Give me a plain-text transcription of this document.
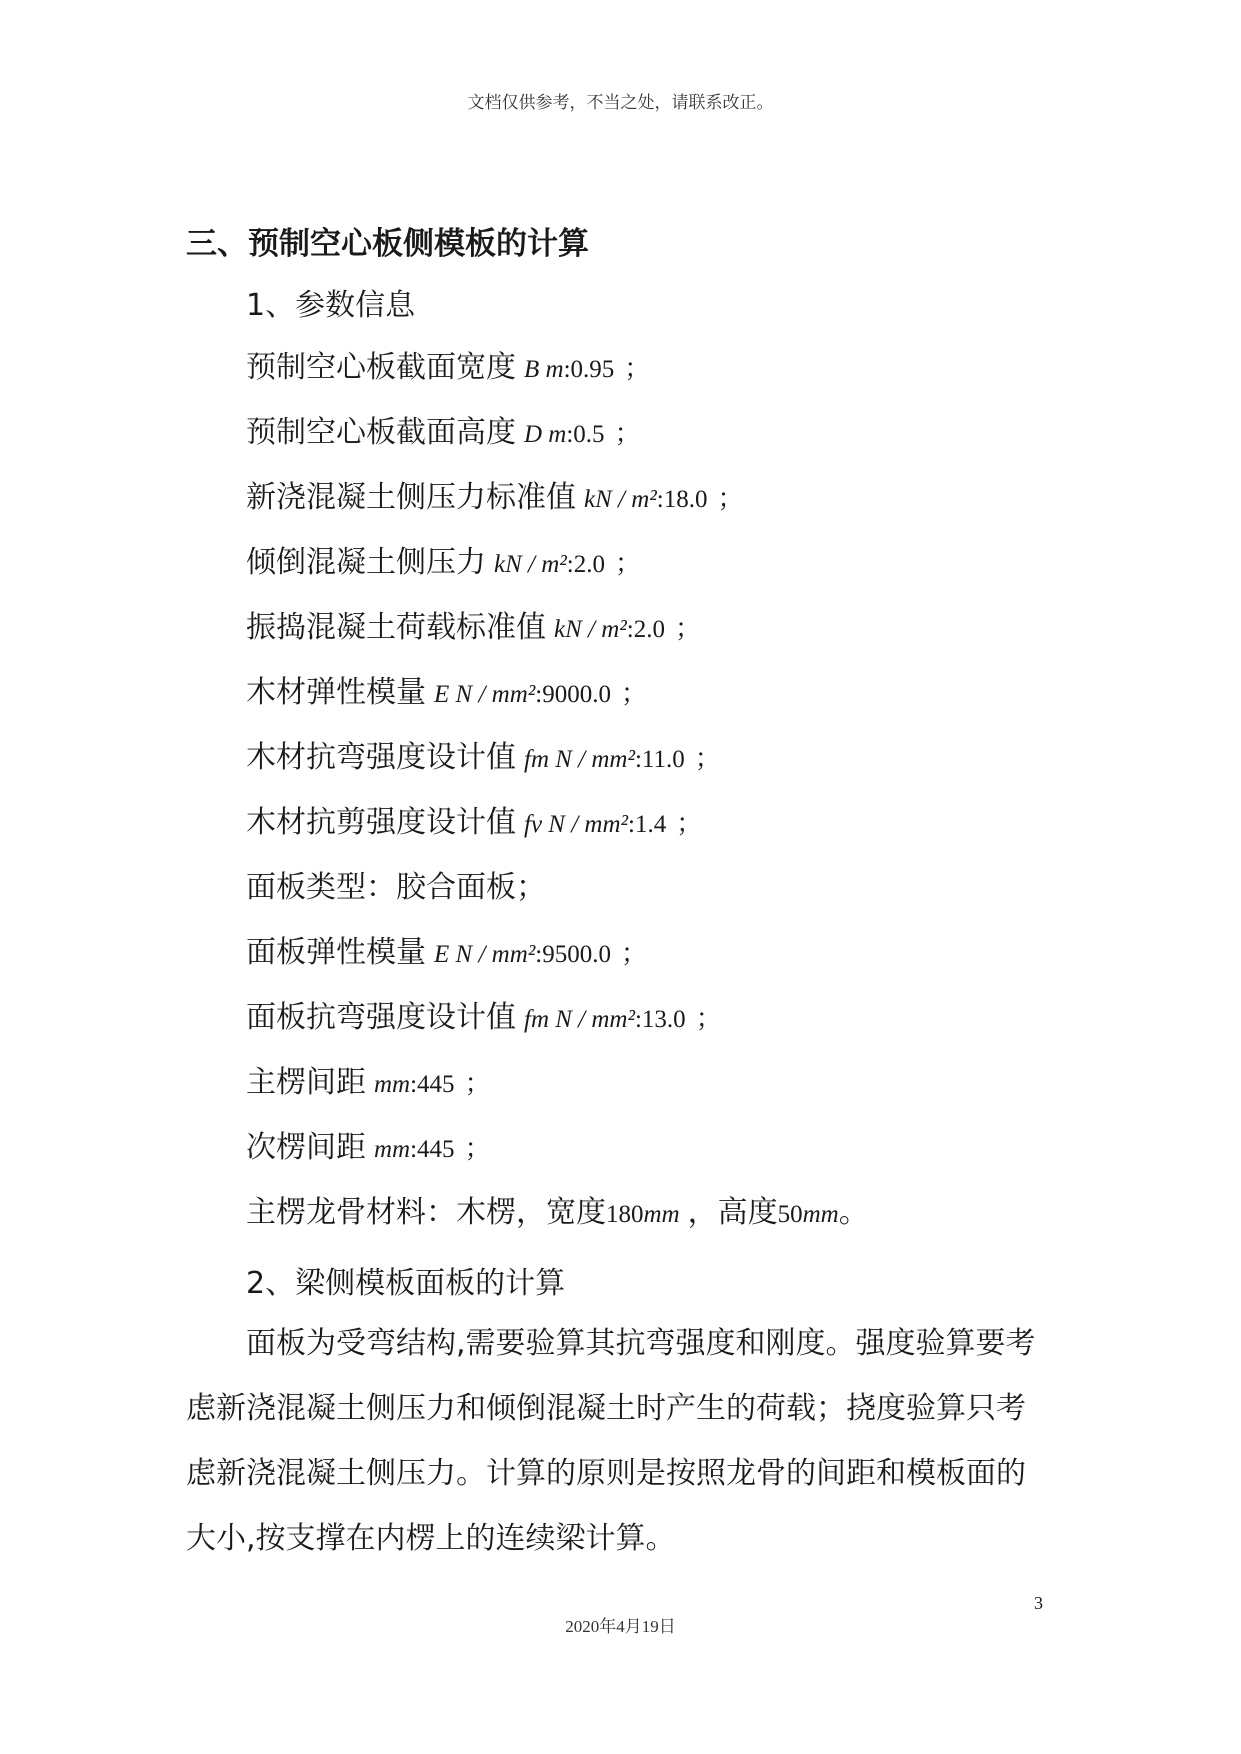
文档仅供参考，不当之处，请联系改正。
三、预制空心板侧模板的计算
1、参数信息
预制空心板截面宽度 B m:0.95 ；
预制空心板截面高度 D m:0.5 ；
新浇混凝土侧压力标准值 kN / m²:18.0 ；
倾倒混凝土侧压力 kN / m²:2.0 ；
振捣混凝土荷载标准值 kN / m²:2.0 ；
木材弹性模量 E N / mm²:9000.0 ；
木材抗弯强度设计值 fm N / mm²:11.0 ；
木材抗剪强度设计值 fv N / mm²:1.4 ；
面板类型：胶合面板；
面板弹性模量 E N / mm²:9500.0 ；
面板抗弯强度设计值 fm N / mm²:13.0 ；
主楞间距 mm:445 ；
次楞间距 mm:445 ；
主楞龙骨材料：木楞，宽度180mm ，高度50mm。
2、梁侧模板面板的计算
面板为受弯结构,需要验算其抗弯强度和刚度。强度验算要考
虑新浇混凝土侧压力和倾倒混凝土时产生的荷载；挠度验算只考
虑新浇混凝土侧压力。计算的原则是按照龙骨的间距和模板面的
大小,按支撑在内楞上的连续梁计算。
3
2020年4月19日
